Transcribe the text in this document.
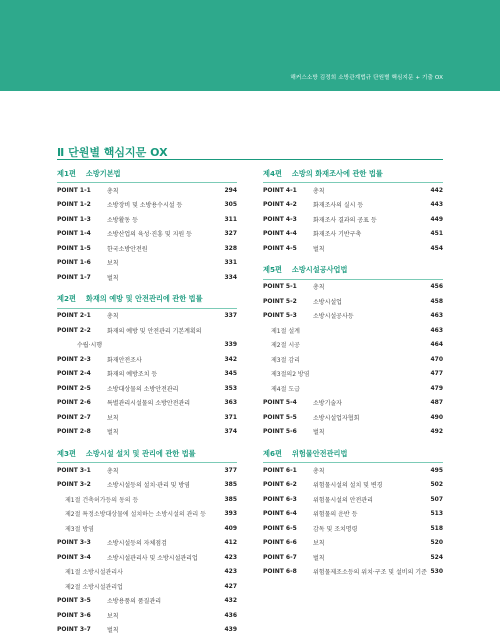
해커스소방 김정희 소방관계법규 단원별 핵심지문 + 기출 OX
Ⅱ 단원별 핵심지문 OX
제1편 소방기본법
POINT 1-1	총칙	294
POINT 1-2	소방장비 및 소방용수시설 등	305
POINT 1-3	소방활동 등	311
POINT 1-4	소방산업의 육성·진흥 및 지원 등	327
POINT 1-5	한국소방안전원	328
POINT 1-6	보칙	331
POINT 1-7	벌칙	334
제2편 화재의 예방 및 안전관리에 관한 법률
POINT 2-1	총칙	337
POINT 2-2	화재의 예방 및 안전관리 기본계획의
수립·시행	339
POINT 2-3	화재안전조사	342
POINT 2-4	화재의 예방조치 등	345
POINT 2-5	소방대상물의 소방안전관리	353
POINT 2-6	특별관리시설물의 소방안전관리	363
POINT 2-7	보칙	371
POINT 2-8	벌칙	374
제3편 소방시설 설치 및 관리에 관한 법률
POINT 3-1	총칙	377
POINT 3-2	소방시설등의 설치·관리 및 방염	385
제1절 건축허가등의 동의 등	385
제2절 특정소방대상물에 설치하는 소방시설의 관리 등	393
제3절 방염	409
POINT 3-3	소방시설등의 자체점검	412
POINT 3-4	소방시설관리사 및 소방시설관리업	423
제1절 소방시설관리사	423
제2절 소방시설관리업	427
POINT 3-5	소방용품의 품질관리	432
POINT 3-6	보칙	436
POINT 3-7	벌칙	439
제4편 소방의 화재조사에 관한 법률
POINT 4-1	총칙	442
POINT 4-2	화재조사의 실시 등	443
POINT 4-3	화재조사 결과의 공표 등	449
POINT 4-4	화재조사 기반구축	451
POINT 4-5	벌칙	454
제5편 소방시설공사업법
POINT 5-1	총칙	456
POINT 5-2	소방시설업	458
POINT 5-3	소방시설공사등	463
제1절 설계	463
제2절 시공	464
제3절 감리	470
제3절의2 방염	477
제4절 도급	479
POINT 5-4	소방기술자	487
POINT 5-5	소방시설업자협회	490
POINT 5-6	벌칙	492
제6편 위험물안전관리법
POINT 6-1	총칙	495
POINT 6-2	위험물시설의 설치 및 변경	502
POINT 6-3	위험물시설의 안전관리	507
POINT 6-4	위험물의 운반 등	513
POINT 6-5	감독 및 조치명령	518
POINT 6-6	보칙	520
POINT 6-7	벌칙	524
POINT 6-8	위험물제조소등의 위치·구조 및 설비의 기준 530
